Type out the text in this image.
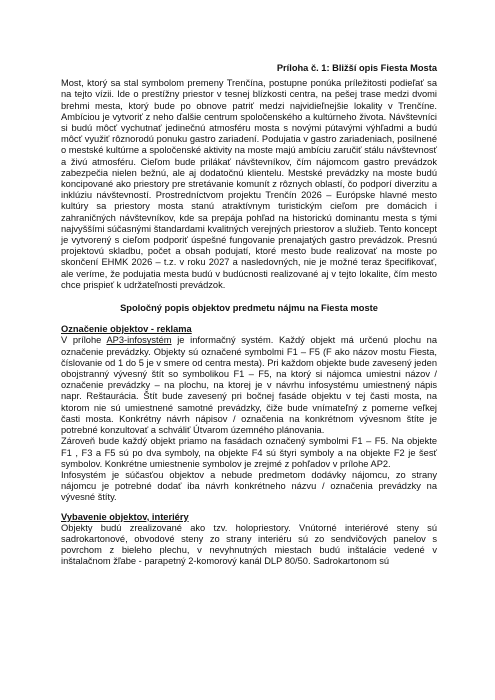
Príloha č. 1: Bližší opis Fiesta Mosta

Most, ktorý sa stal symbolom premeny Trenčína, postupne ponúka príležitosti podieľať sa na tejto vízii. Ide o prestížny priestor v tesnej blízkosti centra, na pešej trase medzi dvomi brehmi mesta, ktorý bude po obnove patriť medzi najvidieľnejšie lokality v Trenčíne. Ambíciou je vytvoriť z neho ďalšie centrum spoločenského a kultúrneho života. Návštevníci si budú môcť vychutnať jedinečnú atmosféru mosta s novými pútavými výhľadmi a budú môcť využiť rôznorodú ponuku gastro zariadení. Podujatia v gastro zariadeniach, posilnené o mestské kultúrne a spoločenské aktivity na moste majú ambíciu zaručiť stálu návštevnosť a živú atmosféru. Cieľom bude prilákať návštevníkov, čím nájomcom gastro prevádzok zabezpečia nielen bežnú, ale aj dodatočnú klientelu. Mestské prevádzky na moste budú koncipované ako priestory pre stretávanie komunít z rôznych oblastí, čo podporí diverzitu a inklúziu návštevností. Prostredníctvom projektu Trenčín 2026 – Európske hlavné mesto kultúry sa priestory mosta stanú atraktívnym turistickým cieľom pre domácich i zahraničných návštevníkov, kde sa prepája pohľad na historickú dominantu mesta s tými najvyššími súčasnými štandardami kvalitných verejných priestorov a služieb. Tento koncept je vytvorený s cieľom podporiť úspešné fungovanie prenajatých gastro prevádzok. Presnú projektovú skladbu, počet a obsah podujatí, ktoré mesto bude realizovať na moste po skončení EHMK 2026 – t.z. v roku 2027 a nasledovných, nie je možné teraz špecifikovať, ale veríme, že podujatia mesta budú v budúcnosti realizované aj v tejto lokalite, čím mesto chce prispieť k udržateľnosti prevádzok.

Spoločný popis objektov predmetu nájmu na Fiesta moste

Označenie objektov - reklama

V prílohe AP3-infosystém je informačný systém. Každý objekt má určenú plochu na označenie prevádzky. Objekty sú označené symbolmi F1 – F5 (F ako názov mostu Fiesta, číslovanie od 1 do 5 je v smere od centra mesta). Pri každom objekte bude zavesený jeden obojstranný vývesný štít so symbolikou F1 – F5, na ktorý si nájomca umiestni názov / označenie prevádzky – na plochu, na ktorej je v návrhu infosystému umiestnený nápis napr. Reštaurácia. Štít bude zavesený pri bočnej fasáde objektu v tej časti mosta, na ktorom nie sú umiestnené samotné prevádzky, čiže bude vnímateľný z pomerne veľkej časti mosta. Konkrétny návrh nápisov / označenia na konkrétnom vývesnom štíte je potrebné konzultovať a schváliť Útvarom územného plánovania.

Zároveň bude každý objekt priamo na fasádach označený symbolmi F1 – F5. Na objekte F1 , F3 a F5 sú po dva symboly, na objekte F4 sú štyri symboly a na objekte F2 je šesť symbolov. Konkrétne umiestnenie symbolov je zrejmé z pohľadov v prílohe AP2.

Infosystém je súčasťou objektov a nebude predmetom dodávky nájomcu, zo strany nájomcu je potrebné dodať iba návrh konkrétneho názvu / označenia prevádzky na vývesné štíty.

Vybavenie objektov, interiéry

Objekty budú zrealizované ako tzv. holopriestory. Vnútorné interiérové steny sú sadrokartonové, obvodové steny zo strany interiéru sú zo sendvičových panelov s povrchom z bieleho plechu, v nevyhnutných miestach budú inštalácie vedené v inštalačnom žľabe - parapetný 2-komorový kanál DLP 80/50. Sadrokartonom sú
